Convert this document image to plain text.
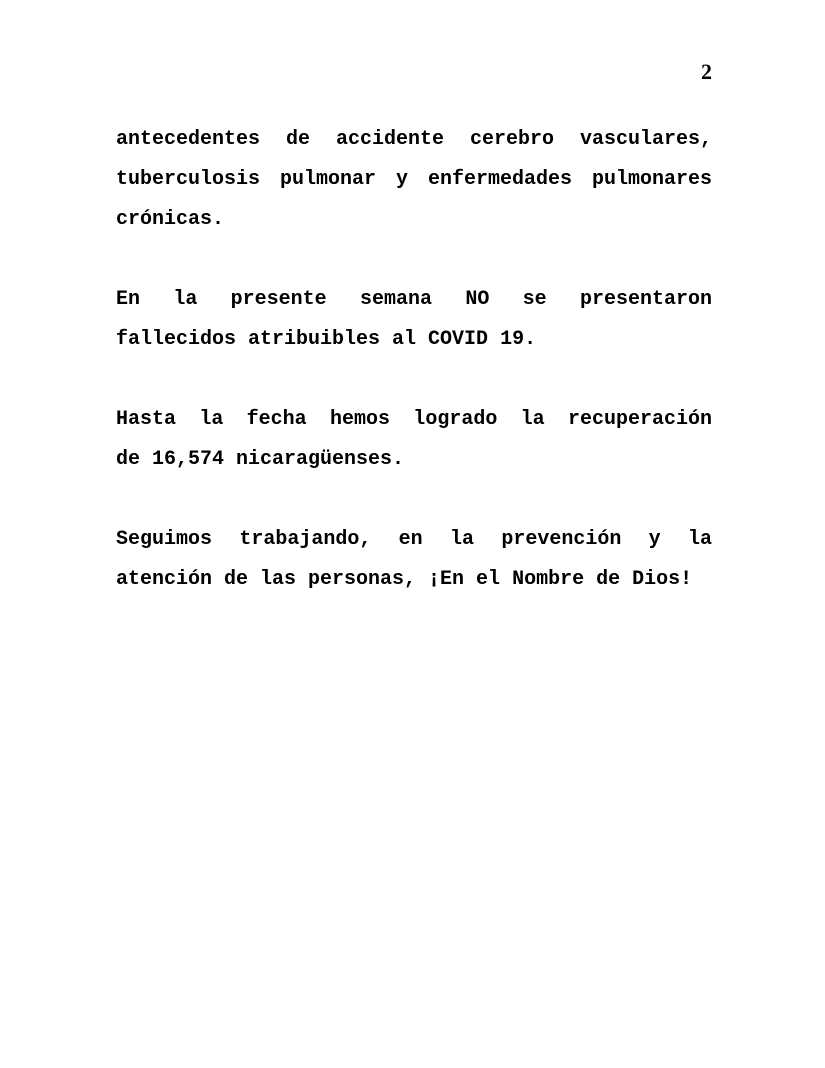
2
antecedentes de accidente cerebro vasculares,
tuberculosis pulmonar y enfermedades pulmonares
crónicas.
En la presente semana NO se presentaron
fallecidos atribuibles al COVID 19.
Hasta la fecha hemos logrado la recuperación
de 16,574 nicaragüenses.
Seguimos trabajando, en la prevención y la
atención de las personas, ¡En el Nombre de Dios!
